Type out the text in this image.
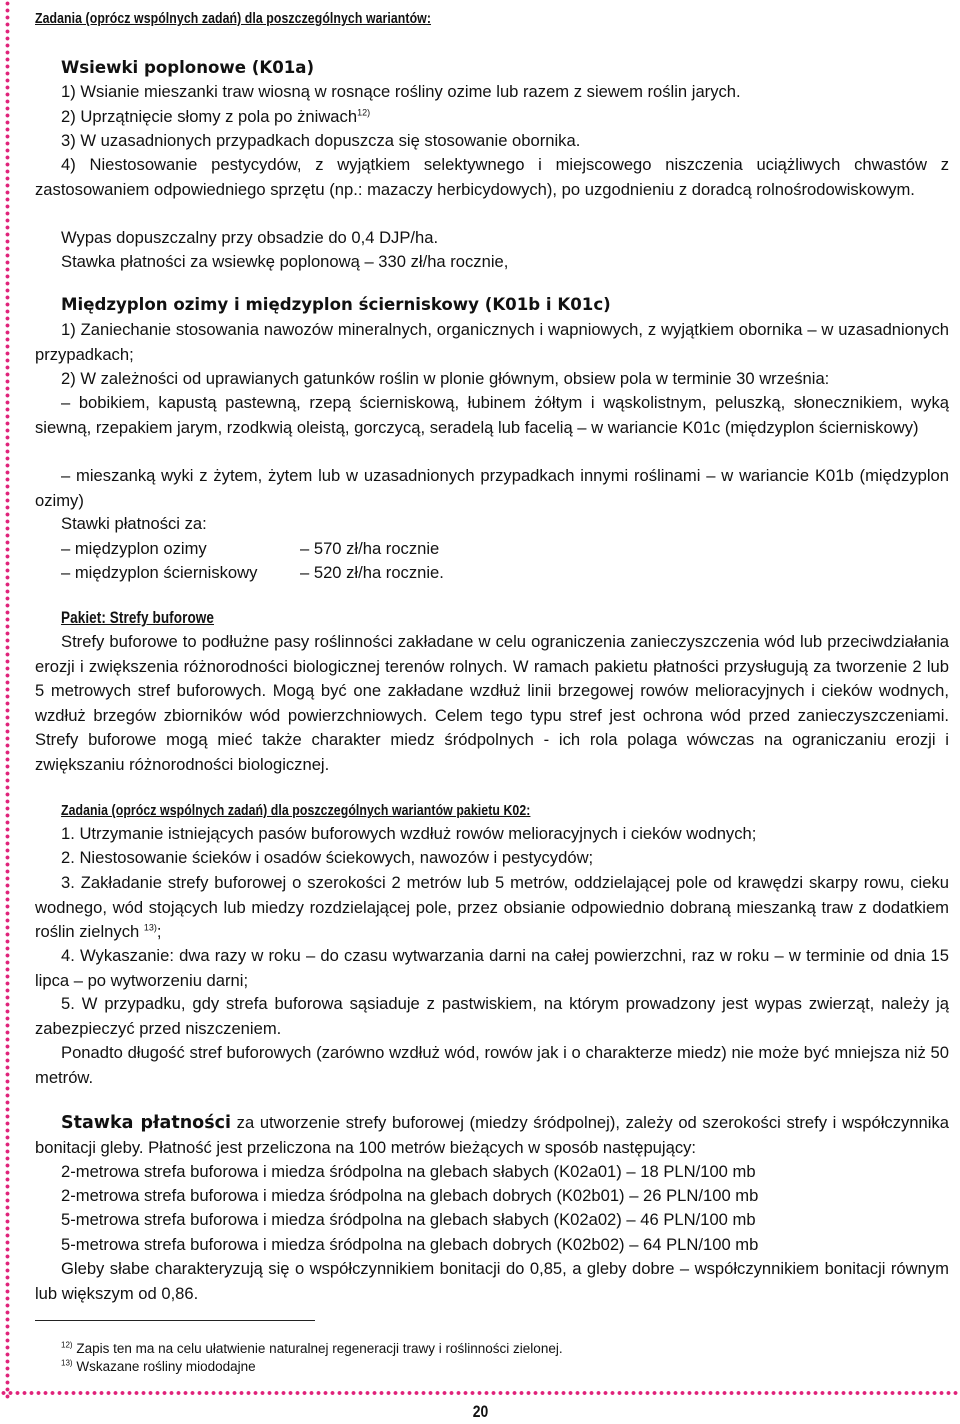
Zadania (oprócz wspólnych zadań) dla poszczególnych wariantów:
Wsiewki poplonowe (K01a)
1) Wsianie mieszanki traw wiosną w rosnące rośliny ozime lub razem z siewem roślin jarych.
2) Uprzątnięcie słomy z pola po żniwach$^{12)}$
3) W uzasadnionych przypadkach dopuszcza się stosowanie obornika.

4) Niestosowanie pestycydów, z wyjątkiem selektywnego i miejscowego niszczenia uciążliwych chwastów z zastosowaniem odpowiedniego sprzętu (np.: mazaczy herbicydowych), po uzgodnieniu z doradcą rolnośrodowiskowym.

Wypas dopuszczalny przy obsadzie do 0,4 DJP/ha.
Stawka płatności za wsiewkę poplonową – 330 zł/ha rocznie,
Międzyplon ozimy i międzyplon ścierniskowy (K01b i K01c)

1) Zaniechanie stosowania nawozów mineralnych, organicznych i wapniowych, z wyjątkiem obornika – w uzasadnionych przypadkach;

2) W zależności od uprawianych gatunków roślin w plonie głównym, obsiew pola w terminie 30 września:

– bobikiem, kapustą pastewną, rzepą ścierniskową, łubinem żółtym i wąskolistnym, peluszką, słonecznikiem, wyką siewną, rzepakiem jarym, rzodkwią oleistą, gorczycą, seradelą lub facelią – w wariancie K01c (międzyplon ścierniskowy)

– mieszanką wyki z żytem, żytem lub w uzasadnionych przypadkach innymi roślinami – w wariancie K01b (międzyplon ozimy)

Stawki płatności za:
– międzyplon ozimy	– 570 zł/ha rocznie
– międzyplon ścierniskowy	– 520 zł/ha rocznie.
Pakiet: Strefy buforowe

Strefy buforowe to podłużne pasy roślinności zakładane w celu ograniczenia zanieczyszczenia wód lub przeciwdziałania erozji i zwiększenia różnorodności biologicznej terenów rolnych. W ramach pakietu płatności przysługują za tworzenie 2 lub 5 metrowych stref buforowych. Mogą być one zakładane wzdłuż linii brzegowej rowów melioracyjnych i cieków wodnych, wzdłuż brzegów zbiorników wód powierzchniowych. Celem tego typu stref jest ochrona wód przed zanieczyszczeniami. Strefy buforowe mogą mieć także charakter miedz śródpolnych - ich rola polaga wówczas na ograniczaniu erozji i zwiększaniu różnorodności biologicznej.

Zadania (oprócz wspólnych zadań) dla poszczególnych wariantów pakietu K02:
1. Utrzymanie istniejących pasów buforowych wzdłuż rowów melioracyjnych i cieków wodnych;
2. Niestosowanie ścieków i osadów ściekowych, nawozów i pestycydów;

3. Zakładanie strefy buforowej o szerokości 2 metrów lub 5 metrów, oddzielającej pole od krawędzi skarpy rowu, cieku wodnego, wód stojących lub miedzy rozdzielającej pole, przez obsianie odpowiednio dobraną mieszanką traw z dodatkiem roślin zielnych $^{13)}$;

4. Wykaszanie: dwa razy w roku – do czasu wytwarzania darni na całej powierzchni, raz w roku – w terminie od dnia 15 lipca – po wytworzeniu darni;

5. W przypadku, gdy strefa buforowa sąsiaduje z pastwiskiem, na którym prowadzony jest wypas zwierząt, należy ją zabezpieczyć przed niszczeniem.

Ponadto długość stref buforowych (zarówno wzdłuż wód, rowów jak i o charakterze miedz) nie może być mniejsza niż 50 metrów.

Stawka płatności za utworzenie strefy buforowej (miedzy śródpolnej), zależy od szerokości strefy i współczynnika bonitacji gleby. Płatność jest przeliczona na 100 metrów bieżących w sposób następujący:

2-metrowa strefa buforowa i miedza śródpolna na glebach słabych (K02a01) – 18 PLN/100 mb
2-metrowa strefa buforowa i miedza śródpolna na glebach dobrych (K02b01) – 26 PLN/100 mb
5-metrowa strefa buforowa i miedza śródpolna na glebach słabych (K02a02) – 46 PLN/100 mb
5-metrowa strefa buforowa i miedza śródpolna na glebach dobrych (K02b02) – 64 PLN/100 mb

Gleby słabe charakteryzują się o współczynnikiem bonitacji do 0,85, a gleby dobre – współczynnikiem bonitacji równym lub większym od 0,86.

$^{12)}$ Zapis ten ma na celu ułatwienie naturalnej regeneracji trawy i roślinności zielonej.

$^{13)}$ Wskazane rośliny miododajne

20
